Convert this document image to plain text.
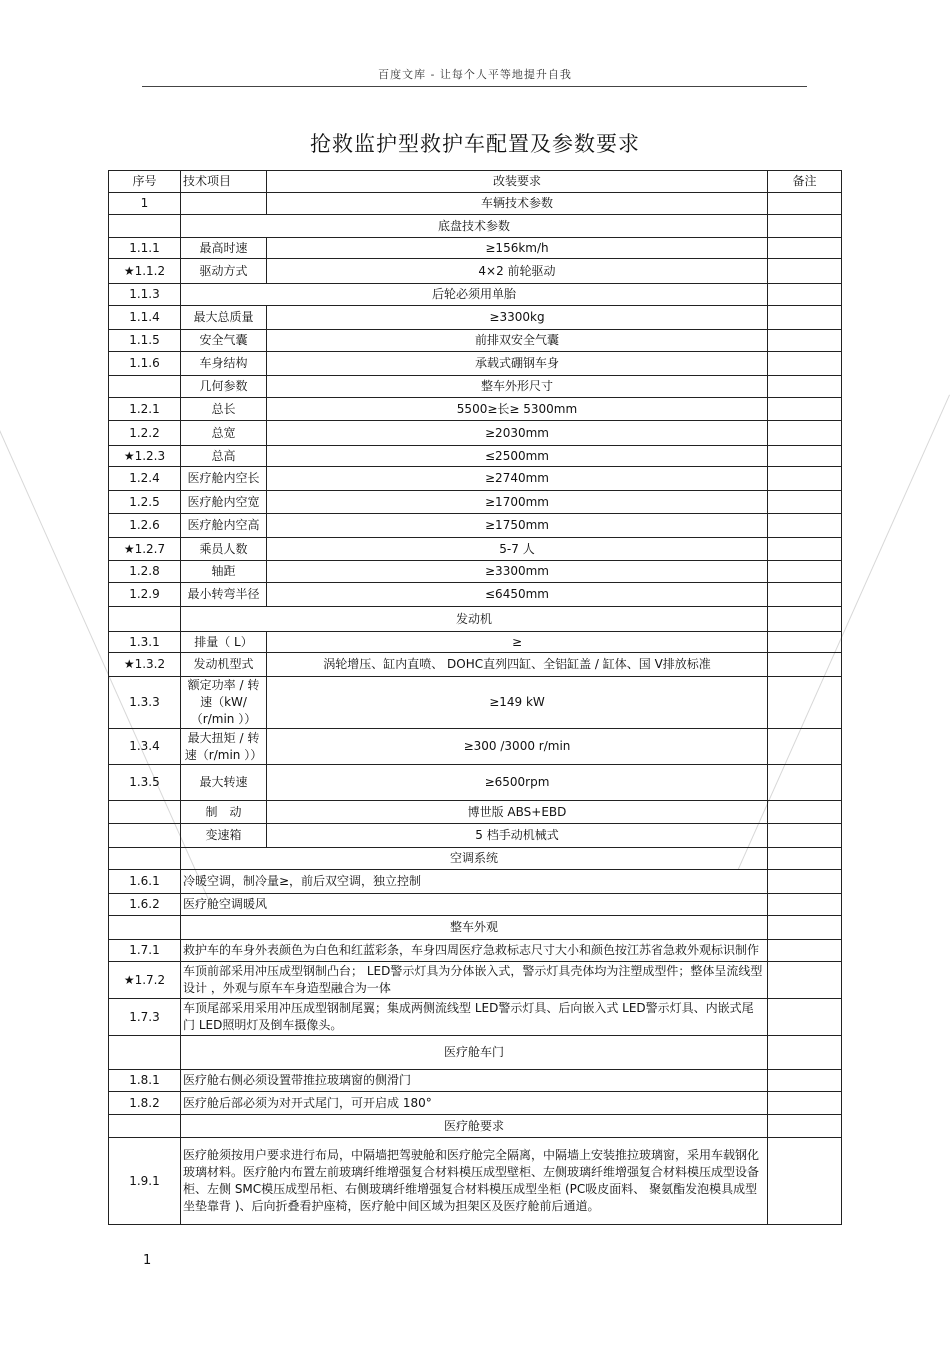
百度文库 - 让每个人平等地提升自我
抢救监护型救护车配置及参数要求
序号	技术项目	改装要求	备注
1		车辆技术参数	
	底盘技术参数		
1.1.1	最高时速	≥156km/h	
★1.1.2	驱动方式	4×2 前轮驱动	
1.1.3	后轮必须用单胎		
1.1.4	最大总质量	≥3300kg	
1.1.5	安全气囊	前排双安全气囊	
1.1.6	车身结构	承载式硼钢车身	
	几何参数	整车外形尺寸	
1.2.1	总长	5500≥长≥ 5300mm	
1.2.2	总宽	≥2030mm	
★1.2.3	总高	≤2500mm	
1.2.4	医疗舱内空长	≥2740mm	
1.2.5	医疗舱内空宽	≥1700mm	
1.2.6	医疗舱内空高	≥1750mm	
★1.2.7	乘员人数	5-7 人	
1.2.8	轴距	≥3300mm	
1.2.9	最小转弯半径	≤6450mm	
	发动机		
1.3.1	排量（ L）	≥	
★1.3.2	发动机型式	涡轮增压、缸内直喷、 DOHC直列四缸、全铝缸盖 / 缸体、国 V排放标准	
1.3.3	额定功率 / 转速（kW/ （r/min ））	≥149 kW	
1.3.4	最大扭矩 / 转速（r/min ））	≥300 /3000 r/min	
1.3.5	最大转速	≥6500rpm	
	制　动	博世版 ABS+EBD	
	变速箱	5 档手动机械式	
	空调系统		
1.6.1	冷暖空调，制冷量≥，前后双空调，独立控制		
1.6.2	医疗舱空调暖风		
	整车外观		
1.7.1	救护车的车身外表颜色为白色和红蓝彩条，车身四周医疗急救标志尺寸大小和颜色按江苏省急救外观标识制作		
★1.7.2	车顶前部采用冲压成型钢制凸台； LED警示灯具为分体嵌入式，警示灯具壳体均为注塑成型件；整体呈流线型设计 ，外观与原车车身造型融合为一体		
1.7.3	车顶尾部采用采用冲压成型钢制尾翼；集成两侧流线型 LED警示灯具、后向嵌入式 LED警示灯具、内嵌式尾门 LED照明灯及倒车摄像头。		
	医疗舱车门		
1.8.1	医疗舱右侧必须设置带推拉玻璃窗的侧滑门		
1.8.2	医疗舱后部必须为对开式尾门，可开启成 180°		
	医疗舱要求		
1.9.1	医疗舱须按用户要求进行布局，中隔墙把驾驶舱和医疗舱完全隔离，中隔墙上安装推拉玻璃窗，采用车载钢化玻璃材料。医疗舱内布置左前玻璃纤维增强复合材料模压成型壁柜、左侧玻璃纤维增强复合材料模压成型设备柜、左侧 SMC模压成型吊柜、右侧玻璃纤维增强复合材料模压成型坐柜 (PC吸皮面料、 聚氨酯发泡模具成型坐垫靠背 )、后向折叠看护座椅，医疗舱中间区域为担架区及医疗舱前后通道。		
1
